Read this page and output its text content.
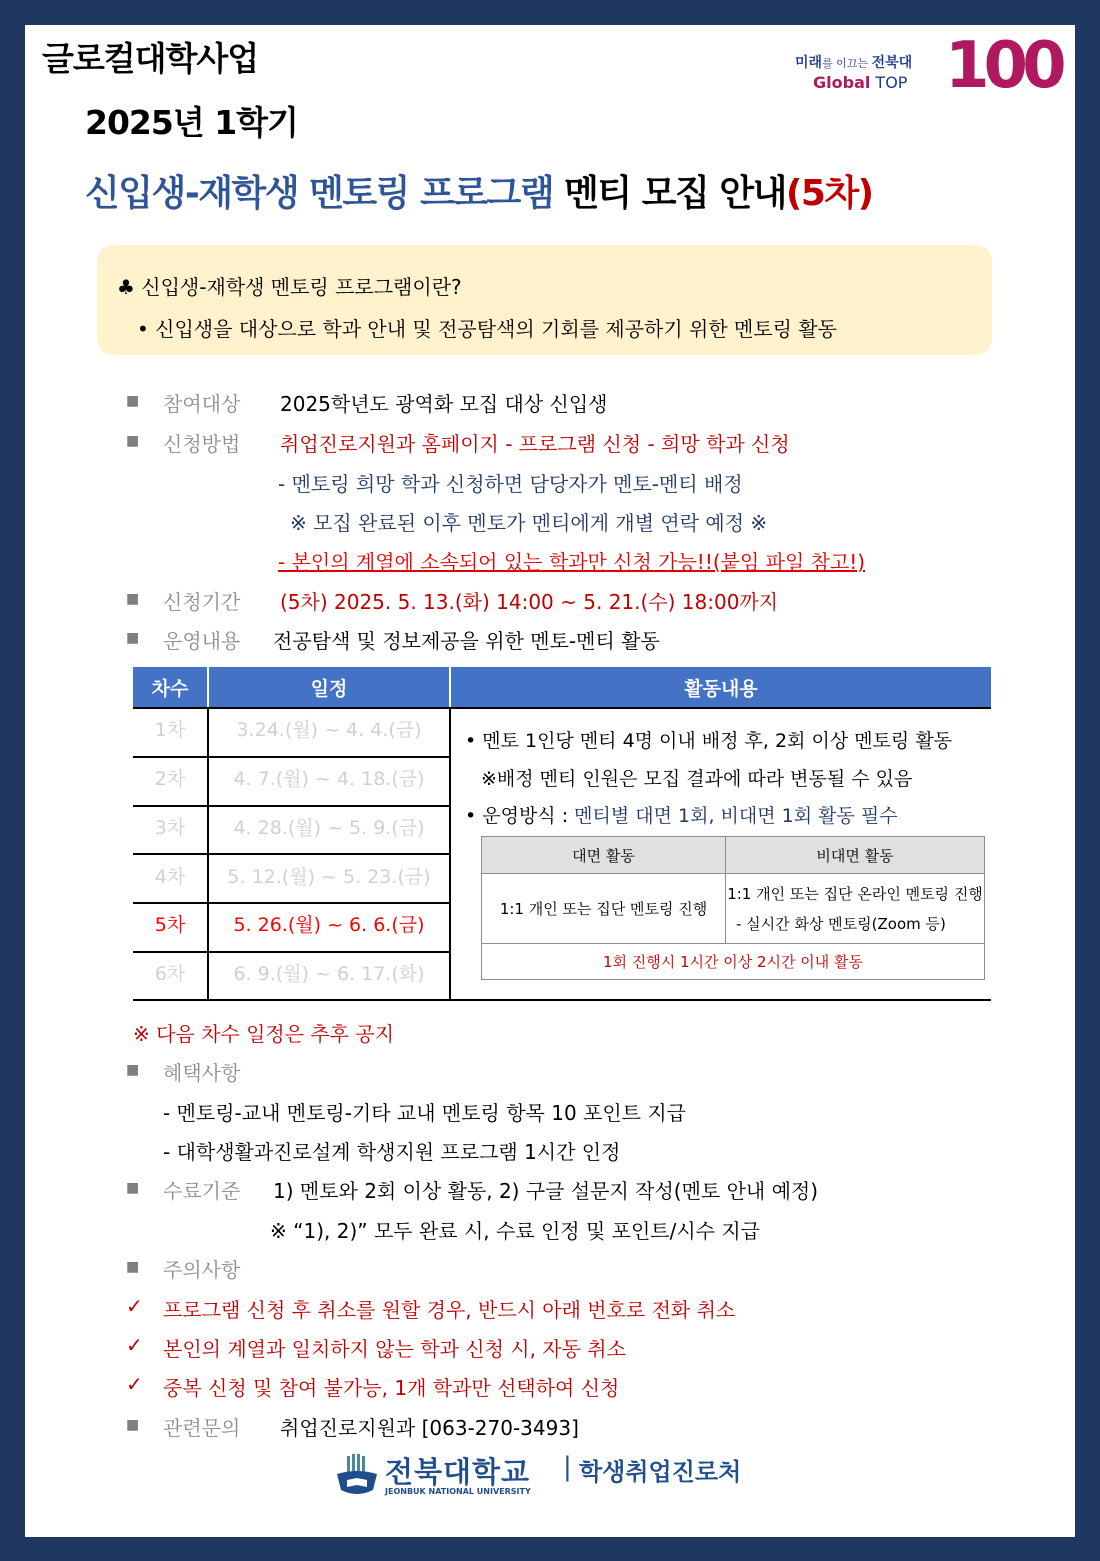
글로컬대학사업
2025년 1학기
미래를 이끄는 전북대
Global TOP 100
신입생-재학생 멘토링 프로그램 멘티 모집 안내(5차)
♣ 신입생-재학생 멘토링 프로그램이란?
• 신입생을 대상으로 학과 안내 및 전공탐색의 기회를 제공하기 위한 멘토링 활동
■ 참여대상 2025학년도 광역화 모집 대상 신입생
■ 신청방법 취업진로지원과 홈페이지 - 프로그램 신청 - 희망 학과 신청
- 멘토링 희망 학과 신청하면 담당자가 멘토-멘티 배정
※ 모집 완료된 이후 멘토가 멘티에게 개별 연락 예정 ※
- 본인의 계열에 소속되어 있는 학과만 신청 가능!!(붙임 파일 참고!)
■ 신청기간 (5차) 2025. 5. 13.(화) 14:00 ~ 5. 21.(수) 18:00까지
■ 운영내용 전공탐색 및 정보제공을 위한 멘토-멘티 활동
차수	일정	활동내용
1차	3.24.(월) ~ 4. 4.(금)
2차	4. 7.(월) ~ 4. 18.(금)
3차	4. 28.(월) ~ 5. 9.(금)
4차	5. 12.(월) ~ 5. 23.(금)
5차	5. 26.(월) ~ 6. 6.(금)
6차	6. 9.(월) ~ 6. 17.(화)
• 멘토 1인당 멘티 4명 이내 배정 후, 2회 이상 멘토링 활동
※배정 멘티 인원은 모집 결과에 따라 변동될 수 있음
• 운영방식 : 멘티별 대면 1회, 비대면 1회 활동 필수
대면 활동	비대면 활동
1:1 개인 또는 집단 멘토링 진행	1:1 개인 또는 집단 온라인 멘토링 진행
- 실시간 화상 멘토링(Zoom 등)

1회 진행시 1시간 이상 2시간 이내 활동	
※ 다음 차수 일정은 추후 공지
■ 혜택사항
- 멘토링-교내 멘토링-기타 교내 멘토링 항목 10 포인트 지급
- 대학생활과진로설계 학생지원 프로그램 1시간 인정
■ 수료기준 1) 멘토와 2회 이상 활동, 2) 구글 설문지 작성(멘토 안내 예정)
※ “1), 2)” 모두 완료 시, 수료 인정 및 포인트/시수 지급
■ 주의사항
✓ 프로그램 신청 후 취소를 원할 경우, 반드시 아래 번호로 전화 취소
✓ 본인의 계열과 일치하지 않는 학과 신청 시, 자동 취소
✓ 중복 신청 및 참여 불가능, 1개 학과만 선택하여 신청
■ 관련문의 취업진로지원과 [063-270-3493]
전북대학교
JEONBUK NATIONAL UNIVERSITY
| 학생취업진로처
